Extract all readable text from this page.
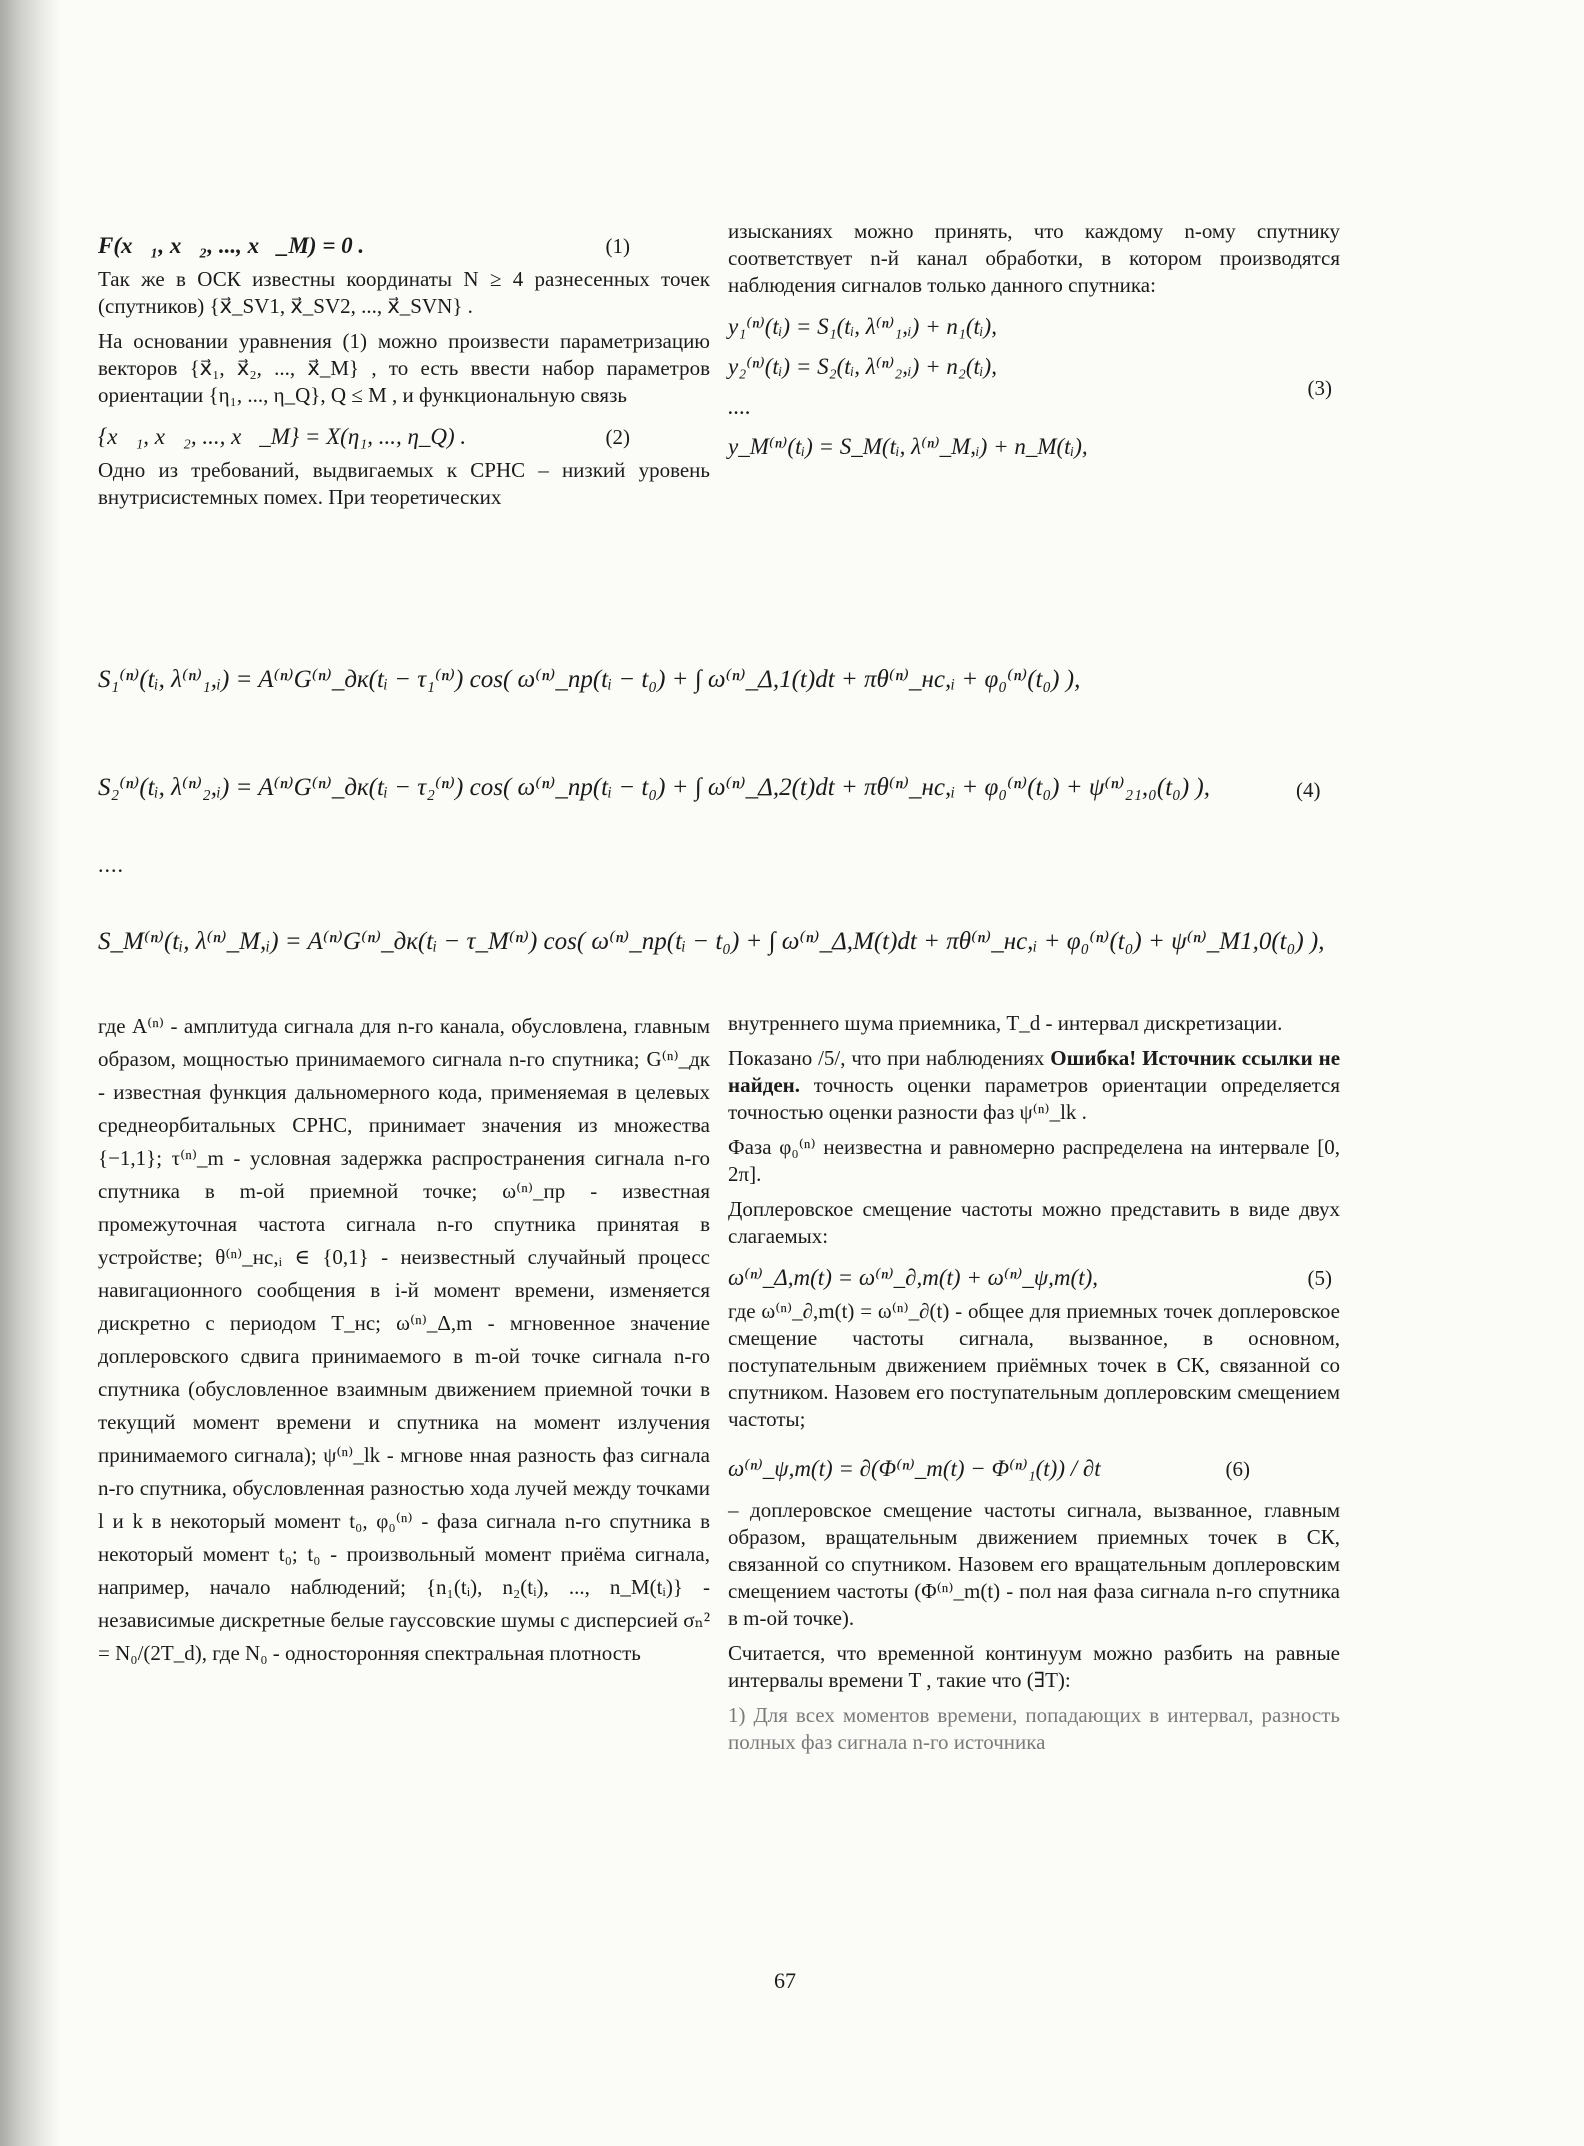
F(x⃗₁, x⃗₂, ..., x⃗_M) = 0 .	(1)

Так же в ОСК известны координаты N ≥ 4 разнесенных точек (спутников) {x⃗_SV1, x⃗_SV2, ..., x⃗_SVN} .

На основании уравнения (1) можно произвести параметризацию векторов {x⃗₁, x⃗₂, ..., x⃗_M} , то есть ввести набор параметров ориентации {η₁, ..., η_Q}, Q ≤ M , и функциональную связь

{x⃗₁, x⃗₂, ..., x⃗_M} = X(η₁, ..., η_Q) .	(2)

Одно из требований, выдвигаемых к СРНС – низкий уровень внутрисистемных помех. При теоретических

изысканиях можно принять, что каждому n-ому спутнику соответствует n-й канал обработки, в котором производятся наблюдения сигналов только данного спутника:

y₁⁽ⁿ⁾(tᵢ) = S₁(tᵢ, λ⁽ⁿ⁾₁,ᵢ) + n₁(tᵢ),
y₂⁽ⁿ⁾(tᵢ) = S₂(tᵢ, λ⁽ⁿ⁾₂,ᵢ) + n₂(tᵢ),
....
y_M⁽ⁿ⁾(tᵢ) = S_M(tᵢ, λ⁽ⁿ⁾_M,ᵢ) + n_M(tᵢ),
(3)
S₁⁽ⁿ⁾(tᵢ, λ⁽ⁿ⁾₁,ᵢ) = A⁽ⁿ⁾G⁽ⁿ⁾_дк(tᵢ − τ₁⁽ⁿ⁾) cos( ω⁽ⁿ⁾_пр(tᵢ − t₀) + ∫ ω⁽ⁿ⁾_Δ,1(t)dt + πθ⁽ⁿ⁾_нс,ᵢ + φ₀⁽ⁿ⁾(t₀) ),
S₂⁽ⁿ⁾(tᵢ, λ⁽ⁿ⁾₂,ᵢ) = A⁽ⁿ⁾G⁽ⁿ⁾_дк(tᵢ − τ₂⁽ⁿ⁾) cos( ω⁽ⁿ⁾_пр(tᵢ − t₀) + ∫ ω⁽ⁿ⁾_Δ,2(t)dt + πθ⁽ⁿ⁾_нс,ᵢ + φ₀⁽ⁿ⁾(t₀) + ψ⁽ⁿ⁾₂₁,₀(t₀) ),	(4)
....
S_M⁽ⁿ⁾(tᵢ, λ⁽ⁿ⁾_M,ᵢ) = A⁽ⁿ⁾G⁽ⁿ⁾_дк(tᵢ − τ_M⁽ⁿ⁾) cos( ω⁽ⁿ⁾_пр(tᵢ − t₀) + ∫ ω⁽ⁿ⁾_Δ,M(t)dt + πθ⁽ⁿ⁾_нс,ᵢ + φ₀⁽ⁿ⁾(t₀) + ψ⁽ⁿ⁾_M1,0(t₀) ),

где A⁽ⁿ⁾ - амплитуда сигнала для n-го канала, обусловлена, главным образом, мощностью принимаемого сигнала n-го спутника; G⁽ⁿ⁾_дк - известная функция дальномерного кода, применяемая в целевых среднеорбитальных СРНС, принимает значения из множества {−1,1}; τ⁽ⁿ⁾_m - условная задержка распространения сигнала n-го спутника в m-ой приемной точке; ω⁽ⁿ⁾_пр - известная промежуточная частота сигнала n-го спутника принятая в устройстве; θ⁽ⁿ⁾_нс,ᵢ ∈ {0,1} - неизвестный случайный процесс навигационного сообщения в i-й момент времени, изменяется дискретно с периодом T_нс; ω⁽ⁿ⁾_Δ,m - мгновенное значение доплеровского сдвига принимаемого в m-ой точке сигнала n-го спутника (обусловленное взаимным движением приемной точки в текущий момент времени и спутника на момент излучения принимаемого сигнала); ψ⁽ⁿ⁾_lk - мгнове нная разность фаз сигнала n-го спутника, обусловленная разностью хода лучей между точками l и k в некоторый момент t₀, φ₀⁽ⁿ⁾ - фаза сигнала n-го спутника в некоторый момент t₀; t₀ - произвольный момент приёма сигнала, например, начало наблюдений; {n₁(tᵢ), n₂(tᵢ), ..., n_M(tᵢ)} - независимые дискретные белые гауссовские шумы с дисперсией σₙ² = N₀/(2T_d), где N₀ - односторонняя спектральная плотность

внутреннего шума приемника, T_d - интервал дискретизации.

Показано /5/, что при наблюдениях Ошибка! Источник ссылки не найден. точность оценки параметров ориентации определяется точностью оценки разности фаз ψ⁽ⁿ⁾_lk .

Фаза φ₀⁽ⁿ⁾ неизвестна и равномерно распределена на интервале [0, 2π].

Доплеровское смещение частоты можно представить в виде двух слагаемых:

ω⁽ⁿ⁾_Δ,m(t) = ω⁽ⁿ⁾_∂,m(t) + ω⁽ⁿ⁾_ψ,m(t),	(5)

где ω⁽ⁿ⁾_∂,m(t) = ω⁽ⁿ⁾_∂(t) - общее для приемных точек доплеровское смещение частоты сигнала, вызванное, в основном, поступательным движением приёмных точек в СК, связанной со спутником. Назовем его поступательным доплеровским смещением частоты;

ω⁽ⁿ⁾_ψ,m(t) = ∂(Φ⁽ⁿ⁾_m(t) − Φ⁽ⁿ⁾₁(t)) / ∂t	(6)

– доплеровское смещение частоты сигнала, вызванное, главным образом, вращательным движением приемных точек в СК, связанной со спутником. Назовем его вращательным доплеровским смещением частоты (Φ⁽ⁿ⁾_m(t) - пол ная фаза сигнала n-го спутника в m-ой точке).

Считается, что временной континуум можно разбить на равные интервалы времени T , такие что (∃T):

1) Для всех моментов времени, попадающих в интервал, разность полных фаз сигнала n-го источника

67
